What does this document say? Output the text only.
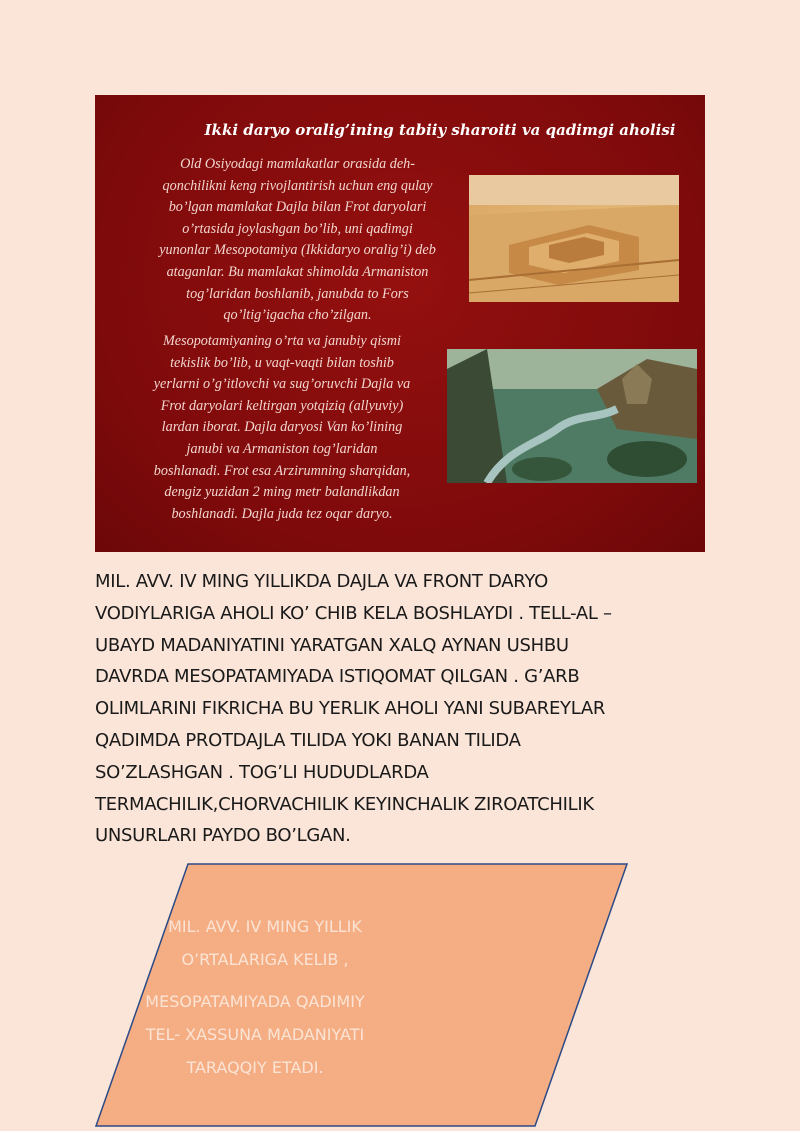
Ikki daryo oralig’ining tabiiy sharoiti va qadimgi aholisi

Old Osiyodagi mamlakatlar orasida deh-
qonchilikni keng rivojlantirish uchun eng qulay
bo’lgan mamlakat Dajla bilan Frot daryolari
o’rtasida joylashgan bo’lib, uni qadimgi
yunonlar Mesopotamiya (Ikkidaryo oralig’i) deb
ataganlar. Bu mamlakat shimolda Armaniston
tog’laridan boshlanib, janubda to Fors
qo’ltig’igacha cho’zilgan.

Mesopotamiyaning o’rta va janubiy qismi
tekislik bo’lib, u vaqt-vaqti bilan toshib
yerlarni o’g’itlovchi va sug’oruvchi Dajla va
Frot daryolari keltirgan yotqiziq (allyuviy)
lardan iborat. Dajla daryosi Van ko’lining
janubi va Armaniston tog’laridan
boshlanadi. Frot esa Arzirumning sharqidan,
dengiz yuzidan 2 ming metr balandlikdan
boshlanadi. Dajla juda tez oqar daryo.

MIL. AVV. IV MING YILLIKDA DAJLA VA FRONT DARYO
VODIYLARIGA AHOLI KO’ CHIB KELA BOSHLAYDI . TELL-AL –
UBAYD MADANIYATINI YARATGAN XALQ AYNAN USHBU
DAVRDA MESOPATAMIYADA ISTIQOMAT QILGAN . G’ARB
OLIMLARINI FIKRICHA BU YERLIK AHOLI YANI SUBAREYLAR
QADIMDA PROTDAJLA TILIDA YOKI BANAN TILIDA
SO’ZLASHGAN . TOG’LI HUDUDLARDA
TERMACHILIK,CHORVACHILIK KEYINCHALIK ZIROATCHILIK
UNSURLARI PAYDO BO’LGAN.
MIL. AVV. IV MING YILLIK
O’RTALARIGA KELIB ,
MESOPATAMIYADA QADIMIY
TEL- XASSUNA MADANIYATI
TARAQQIY ETADI.
